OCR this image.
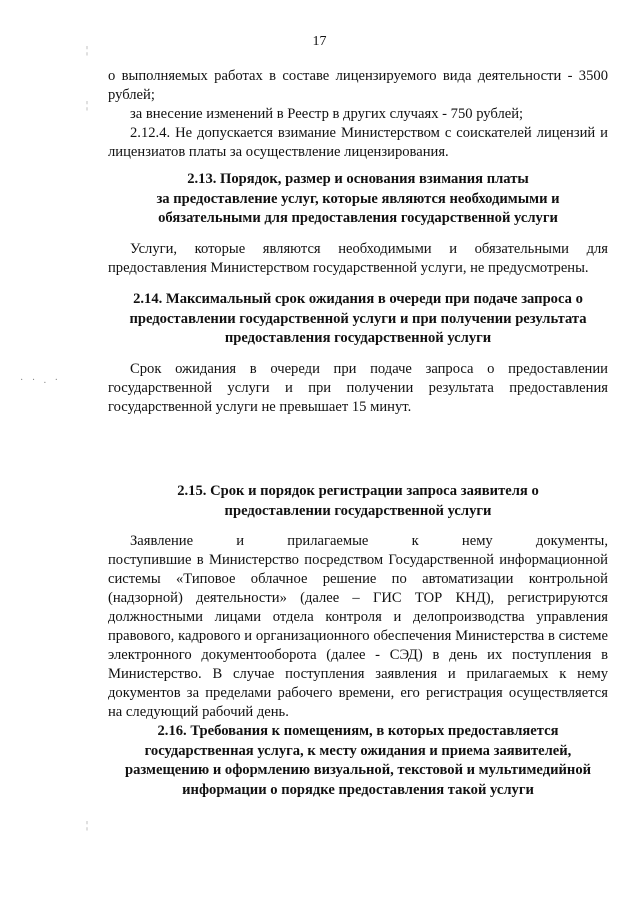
¦
¦
· · . ·
¦
17
о выполняемых работах в составе лицензируемого вида деятельности - 3500 рублей;
за внесение изменений в Реестр в других случаях - 750 рублей;
2.12.4. Не допускается взимание Министерством с соискателей лицензий и лицензиатов платы за осуществление лицензирования.
2.13. Порядок, размер и основания взимания платы
за предоставление услуг, которые являются необходимыми и
обязательными для предоставления государственной услуги
Услуги, которые являются необходимыми и обязательными для предоставления Министерством государственной услуги, не предусмотрены.
2.14. Максимальный срок ожидания в очереди при подаче запроса о
предоставлении государственной услуги и при получении результата
предоставления государственной услуги
Срок ожидания в очереди при подаче запроса о предоставлении государственной услуги и при получении результата предоставления государственной услуги не превышает 15 минут.
2.15. Срок и порядок регистрации запроса заявителя о
предоставлении государственной услуги
Заявление и прилагаемые к нему документы,
поступившие в Министерство посредством Государственной информационной системы «Типовое облачное решение по автоматизации контрольной (надзорной) деятельности» (далее – ГИС ТОР КНД), регистрируются должностными лицами отдела контроля и делопроизводства управления правового, кадрового и организационного обеспечения Министерства в системе электронного документооборота (далее - СЭД) в день их поступления в Министерство. В случае поступления заявления и прилагаемых к нему документов за пределами рабочего времени, его регистрация осуществляется на следующий рабочий день.
2.16. Требования к помещениям, в которых предоставляется
государственная услуга, к месту ожидания и приема заявителей,
размещению и оформлению визуальной, текстовой и мультимедийной
информации о порядке предоставления такой услуги
